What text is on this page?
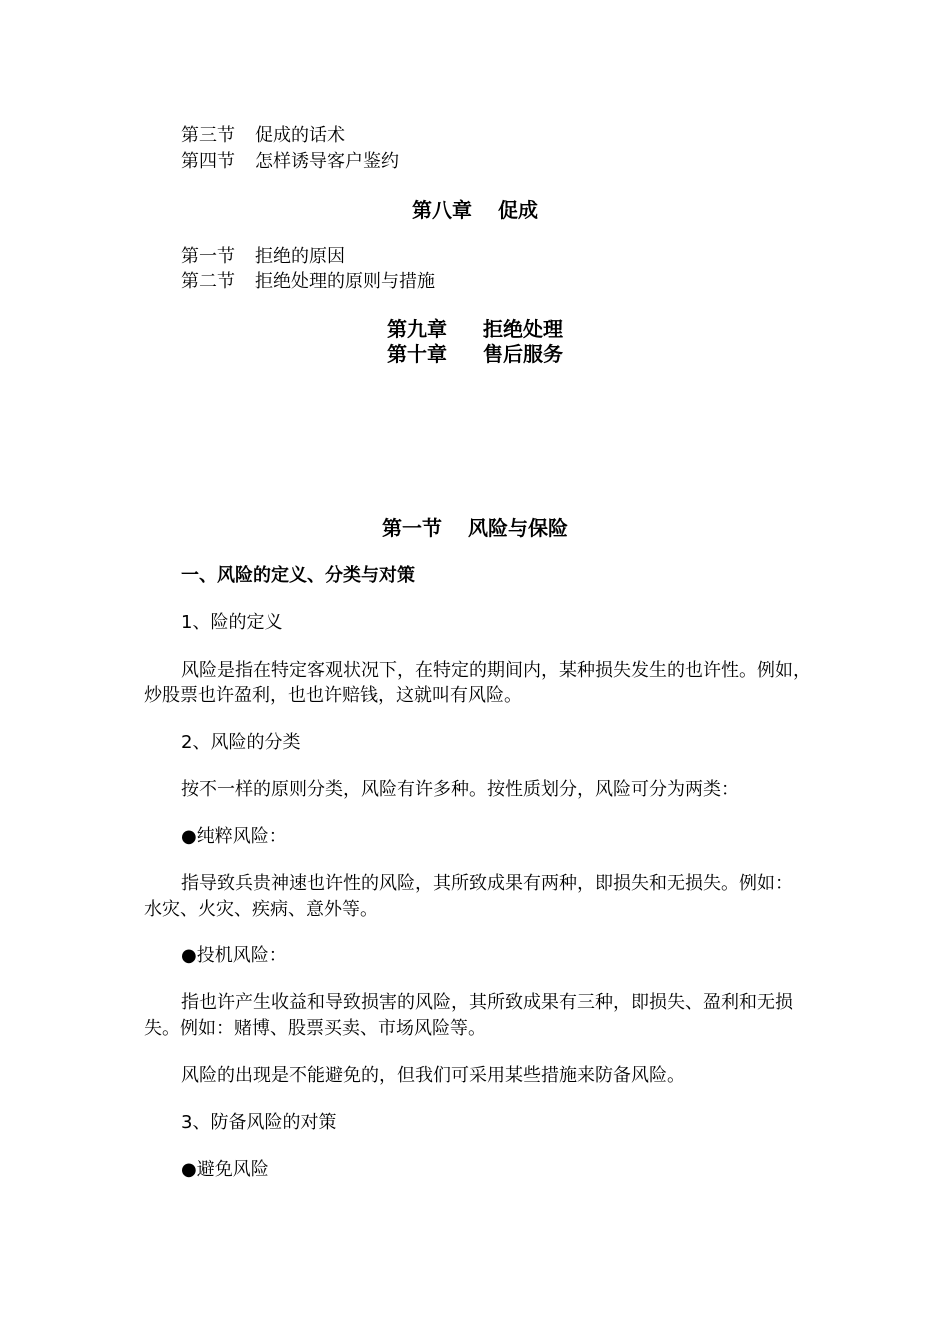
第三节 促成的话术
第四节 怎样诱导客户鉴约
第八章 促成
第一节 拒绝的原因
第二节 拒绝处理的原则与措施
第九章 拒绝处理
第十章 售后服务
第一节 风险与保险
一、风险的定义、分类与对策
1、险的定义
风险是指在特定客观状况下，在特定的期间内，某种损失发生的也许性。例如，
炒股票也许盈利，也也许赔钱，这就叫有风险。
2、风险的分类
按不一样的原则分类，风险有许多种。按性质划分，风险可分为两类：
●纯粹风险：
指导致兵贵神速也许性的风险，其所致成果有两种，即损失和无损失。例如：
水灾、火灾、疾病、意外等。
●投机风险：
指也许产生收益和导致损害的风险，其所致成果有三种，即损失、盈利和无损
失。例如：赌博、股票买卖、市场风险等。
风险的出现是不能避免的，但我们可采用某些措施来防备风险。
3、防备风险的对策
●避免风险
